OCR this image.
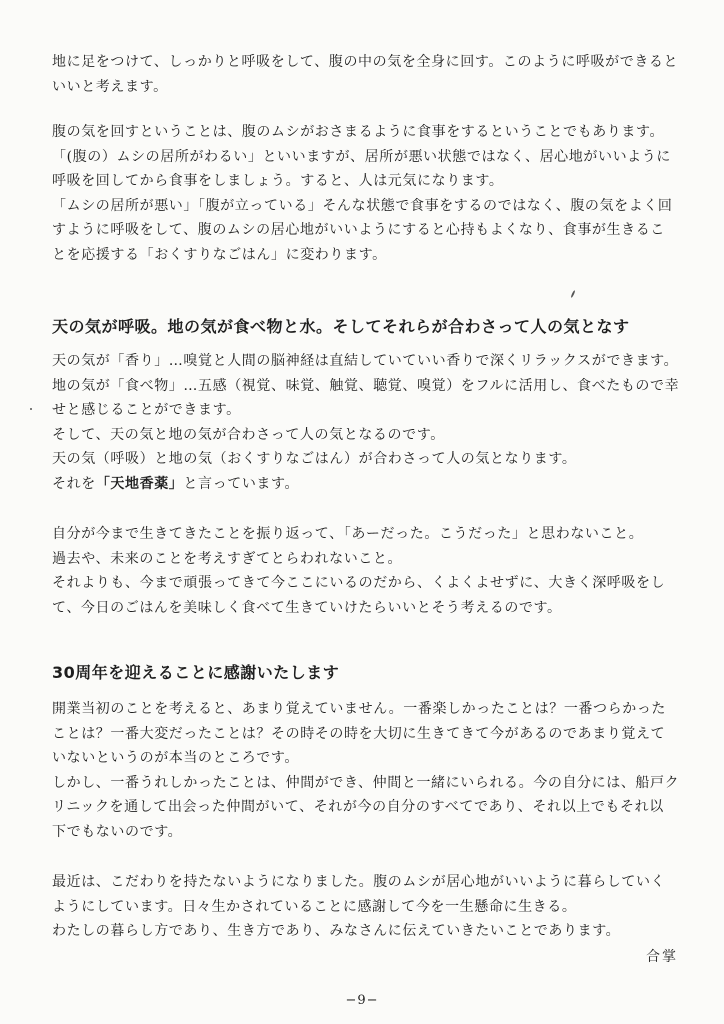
地に足をつけて、しっかりと呼吸をして、腹の中の気を全身に回す。このように呼吸ができると

いいと考えます。

腹の気を回すということは、腹のムシがおさまるように食事をするということでもあります。

「(腹の）ムシの居所がわるい」といいますが、居所が悪い状態ではなく、居心地がいいように

呼吸を回してから食事をしましょう。すると、人は元気になります。

「ムシの居所が悪い」「腹が立っている」そんな状態で食事をするのではなく、腹の気をよく回

すように呼吸をして、腹のムシの居心地がいいようにすると心持もよくなり、食事が生きるこ

とを応援する「おくすりなごはん」に変わります。

天の気が呼吸。地の気が食べ物と水。そしてそれらが合わさって人の気となす

天の気が「香り」…嗅覚と人間の脳神経は直結していていい香りで深くリラックスができます。

地の気が「食べ物」…五感（視覚、味覚、触覚、聴覚、嗅覚）をフルに活用し、食べたもので幸

せと感じることができます。

そして、天の気と地の気が合わさって人の気となるのです。

天の気（呼吸）と地の気（おくすりなごはん）が合わさって人の気となります。

それを「天地香薬」と言っています。

自分が今まで生きてきたことを振り返って、「あーだった。こうだった」と思わないこと。

過去や、未来のことを考えすぎてとらわれないこと。

それよりも、今まで頑張ってきて今ここにいるのだから、くよくよせずに、大きく深呼吸をし

て、今日のごはんを美味しく食べて生きていけたらいいとそう考えるのです。

30周年を迎えることに感謝いたします

開業当初のことを考えると、あまり覚えていません。一番楽しかったことは？一番つらかった

ことは？一番大変だったことは？その時その時を大切に生きてきて今があるのであまり覚えて

いないというのが本当のところです。

しかし、一番うれしかったことは、仲間ができ、仲間と一緒にいられる。今の自分には、船戸ク

リニックを通して出会った仲間がいて、それが今の自分のすべてであり、それ以上でもそれ以

下でもないのです。

最近は、こだわりを持たないようになりました。腹のムシが居心地がいいように暮らしていく

ようにしています。日々生かされていることに感謝して今を一生懸命に生きる。

わたしの暮らし方であり、生き方であり、みなさんに伝えていきたいことであります。

合掌
−9−
